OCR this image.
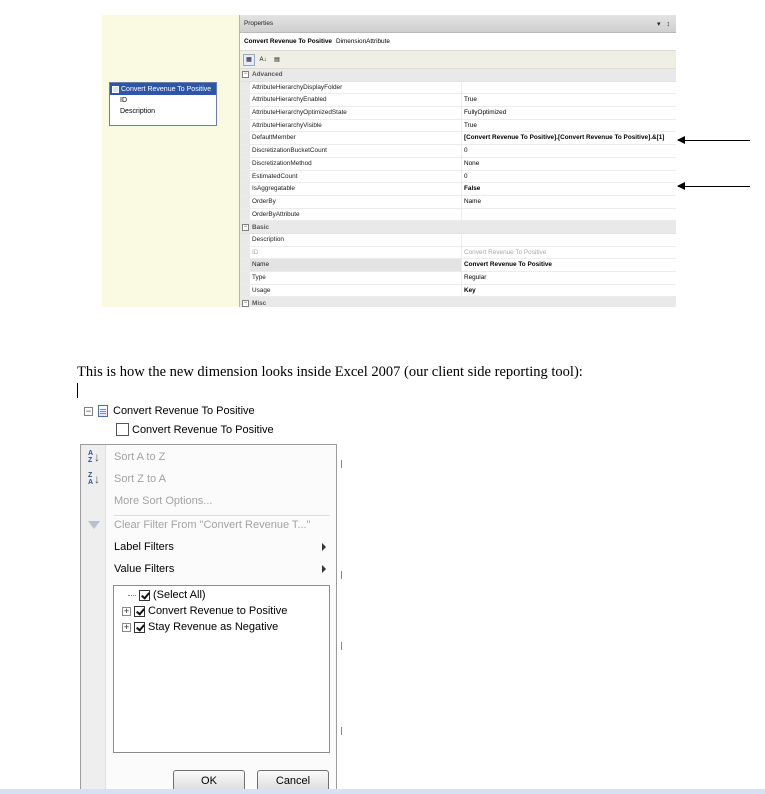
Convert Revenue To Positive
ID
Description
Properties	▾ ↕
Convert Revenue To Positive DimensionAttribute
▦	A↓	▤
− Advanced
AttributeHierarchyDisplayFolder
AttributeHierarchyEnabled	True
AttributeHierarchyOptimizedState	FullyOptimized
AttributeHierarchyVisible	True
DefaultMember	[Convert Revenue To Positive].[Convert Revenue To Positive].&[1]
DiscretizationBucketCount	0
DiscretizationMethod	None
EstimatedCount	0
IsAggregatable	False
OrderBy	Name
OrderByAttribute
− Basic
Description
ID	Convert Revenue To Positive
Name	Convert Revenue To Positive
Type	Regular
Usage	Key
− Misc
This is how the new dimension looks inside Excel 2007 (our client side reporting tool):
− Convert Revenue To Positive
Convert Revenue To Positive
A
Z ↓ Sort A to Z
Z
A ↓ Sort Z to A
More Sort Options...
Clear Filter From "Convert Revenue T..."
Label Filters
Value Filters
(Select All)
+ Convert Revenue to Positive
+ Stay Revenue as Negative
OK	Cancel
